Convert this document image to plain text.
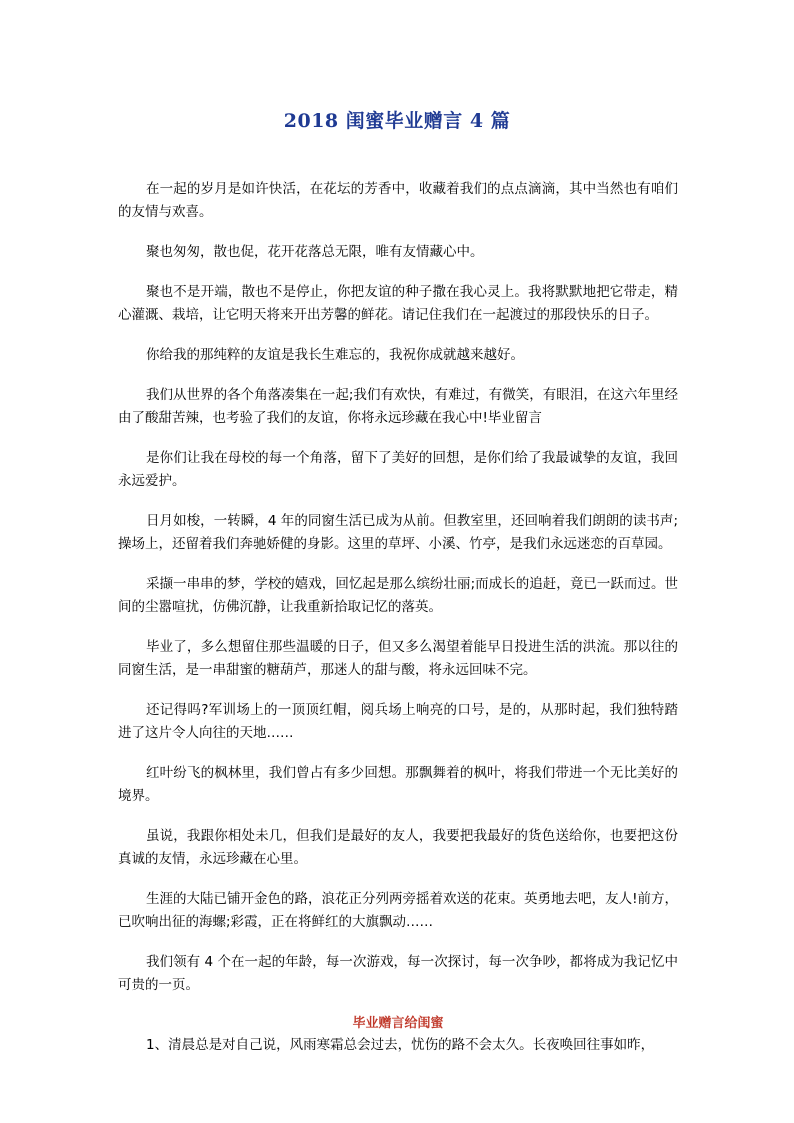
2018 闺蜜毕业赠言 4 篇

在一起的岁月是如许快活，在花坛的芳香中，收藏着我们的点点滴滴，其中当然也有咱们的友情与欢喜。

聚也匆匆，散也促，花开花落总无限，唯有友情藏心中。

聚也不是开端，散也不是停止，你把友谊的种子撒在我心灵上。我将默默地把它带走，精心灌溉、栽培，让它明天将来开出芳馨的鲜花。请记住我们在一起渡过的那段快乐的日子。

你给我的那纯粹的友谊是我长生难忘的，我祝你成就越来越好。

我们从世界的各个角落凑集在一起;我们有欢快，有难过，有微笑，有眼泪，在这六年里经由了酸甜苦辣，也考验了我们的友谊，你将永远珍藏在我心中!毕业留言

是你们让我在母校的每一个角落，留下了美好的回想，是你们给了我最诚挚的友谊，我回永远爱护。

日月如梭，一转瞬，4 年的同窗生活已成为从前。但教室里，还回响着我们朗朗的读书声;操场上，还留着我们奔驰娇健的身影。这里的草坪、小溪、竹亭，是我们永远迷恋的百草园。

采撷一串串的梦，学校的嬉戏，回忆起是那么缤纷壮丽;而成长的追赶，竟已一跃而过。世间的尘嚣喧扰，仿佛沉静，让我重新拾取记忆的落英。

毕业了，多么想留住那些温暖的日子，但又多么渴望着能早日投进生活的洪流。那以往的同窗生活，是一串甜蜜的糖葫芦，那迷人的甜与酸，将永远回味不完。

还记得吗?军训场上的一顶顶红帽，阅兵场上响亮的口号，是的，从那时起，我们独特踏进了这片令人向往的天地……

红叶纷飞的枫林里，我们曾占有多少回想。那飘舞着的枫叶，将我们带进一个无比美好的境界。

虽说，我跟你相处未几，但我们是最好的友人，我要把我最好的货色送给你，也要把这份真诚的友情，永远珍藏在心里。

生涯的大陆已铺开金色的路，浪花正分列两旁摇着欢送的花束。英勇地去吧，友人!前方，已吹响出征的海螺;彩霞，正在将鲜红的大旗飘动……

我们领有 4 个在一起的年龄，每一次游戏，每一次探讨，每一次争吵，都将成为我记忆中可贵的一页。

毕业赠言给闺蜜

1、清晨总是对自己说，风雨寒霜总会过去，忧伤的路不会太久。长夜唤回往事如昨，
